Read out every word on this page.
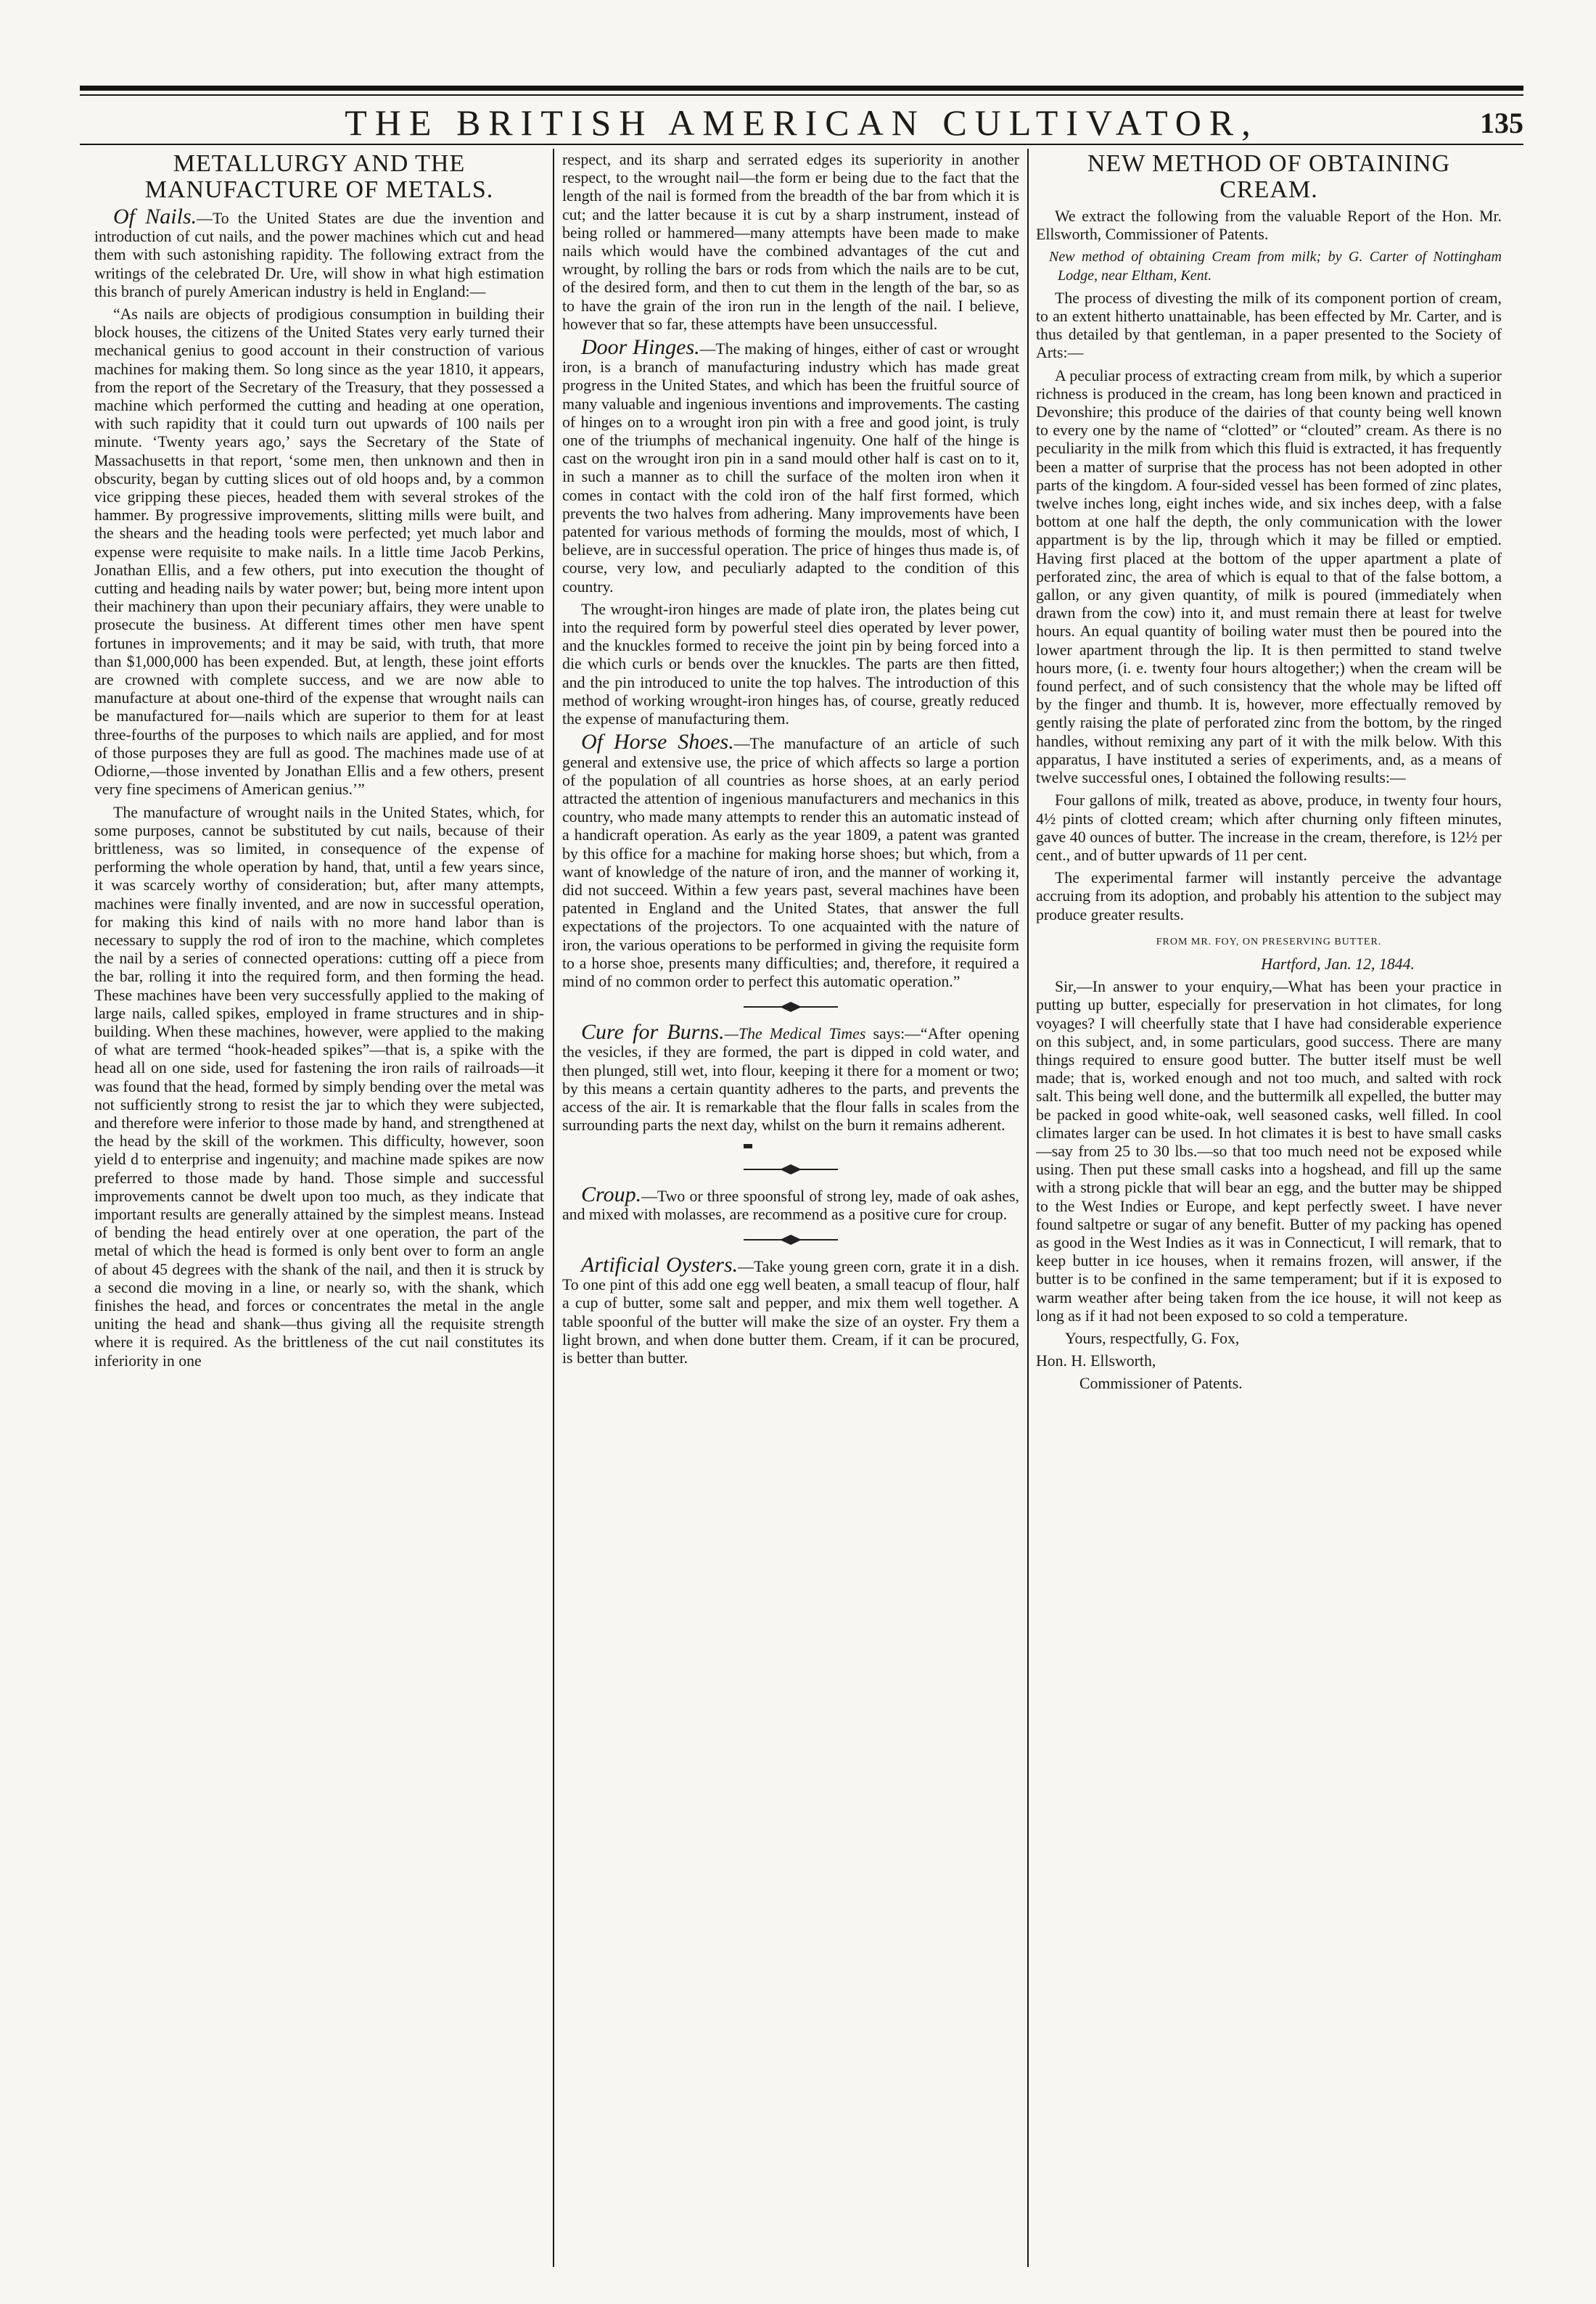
THE BRITISH AMERICAN CULTIVATOR,	135
METALLURGY AND THE MANUFACTURE OF METALS.

Of Nails.—To the United States are due the invention and introduction of cut nails, and the power machines which cut and head them with such astonishing rapidity. The following extract from the writings of the celebrated Dr. Ure, will show in what high estimation this branch of purely American industry is held in England:—

“As nails are objects of prodigious consumption in building their block houses, the citizens of the United States very early turned their mechanical genius to good account in their construction of various machines for making them. So long since as the year 1810, it appears, from the report of the Secretary of the Treasury, that they possessed a machine which performed the cutting and heading at one operation, with such rapidity that it could turn out upwards of 100 nails per minute. ‘Twenty years ago,’ says the Secretary of the State of Massachusetts in that report, ‘some men, then unknown and then in obscurity, began by cutting slices out of old hoops and, by a common vice gripping these pieces, headed them with several strokes of the hammer. By progressive improvements, slitting mills were built, and the shears and the heading tools were perfected; yet much labor and expense were requisite to make nails. In a little time Jacob Perkins, Jonathan Ellis, and a few others, put into execution the thought of cutting and heading nails by water power; but, being more intent upon their machinery than upon their pecuniary affairs, they were unable to prosecute the business. At different times other men have spent fortunes in improvements; and it may be said, with truth, that more than $1,000,000 has been expended. But, at length, these joint efforts are crowned with complete success, and we are now able to manufacture at about one-third of the expense that wrought nails can be manufactured for—nails which are superior to them for at least three-fourths of the purposes to which nails are applied, and for most of those purposes they are full as good. The machines made use of at Odiorne,—those invented by Jonathan Ellis and a few others, present very fine specimens of American genius.’”

The manufacture of wrought nails in the United States, which, for some purposes, cannot be substituted by cut nails, because of their brittleness, was so limited, in consequence of the expense of performing the whole operation by hand, that, until a few years since, it was scarcely worthy of consideration; but, after many attempts, machines were finally invented, and are now in successful operation, for making this kind of nails with no more hand labor than is necessary to supply the rod of iron to the machine, which completes the nail by a series of connected operations: cutting off a piece from the bar, rolling it into the required form, and then forming the head. These machines have been very successfully applied to the making of large nails, called spikes, employed in frame structures and in ship-building. When these machines, however, were applied to the making of what are termed “hook-headed spikes”—that is, a spike with the head all on one side, used for fastening the iron rails of railroads—it was found that the head, formed by simply bending over the metal was not sufficiently strong to resist the jar to which they were subjected, and therefore were inferior to those made by hand, and strengthened at the head by the skill of the workmen. This difficulty, however, soon yield d to enterprise and ingenuity; and machine made spikes are now preferred to those made by hand. Those simple and successful improvements cannot be dwelt upon too much, as they indicate that important results are generally attained by the simplest means. Instead of bending the head entirely over at one operation, the part of the metal of which the head is formed is only bent over to form an angle of about 45 degrees with the shank of the nail, and then it is struck by a second die moving in a line, or nearly so, with the shank, which finishes the head, and forces or concentrates the metal in the angle uniting the head and shank—thus giving all the requisite strength where it is required. As the brittleness of the cut nail constitutes its inferiority in one

respect, and its sharp and serrated edges its superiority in another respect, to the wrought nail—the form er being due to the fact that the length of the nail is formed from the breadth of the bar from which it is cut; and the latter because it is cut by a sharp instrument, instead of being rolled or hammered—many attempts have been made to make nails which would have the combined advantages of the cut and wrought, by rolling the bars or rods from which the nails are to be cut, of the desired form, and then to cut them in the length of the bar, so as to have the grain of the iron run in the length of the nail. I believe, however that so far, these attempts have been unsuccessful.

Door Hinges.—The making of hinges, either of cast or wrought iron, is a branch of manufacturing industry which has made great progress in the United States, and which has been the fruitful source of many valuable and ingenious inventions and improvements. The casting of hinges on to a wrought iron pin with a free and good joint, is truly one of the triumphs of mechanical ingenuity. One half of the hinge is cast on the wrought iron pin in a sand mould other half is cast on to it, in such a manner as to chill the surface of the molten iron when it comes in contact with the cold iron of the half first formed, which prevents the two halves from adhering. Many improvements have been patented for various methods of forming the moulds, most of which, I believe, are in successful operation. The price of hinges thus made is, of course, very low, and peculiarly adapted to the condition of this country.

The wrought-iron hinges are made of plate iron, the plates being cut into the required form by powerful steel dies operated by lever power, and the knuckles formed to receive the joint pin by being forced into a die which curls or bends over the knuckles. The parts are then fitted, and the pin introduced to unite the top halves. The introduction of this method of working wrought-iron hinges has, of course, greatly reduced the expense of manufacturing them.

Of Horse Shoes.—The manufacture of an article of such general and extensive use, the price of which affects so large a portion of the population of all countries as horse shoes, at an early period attracted the attention of ingenious manufacturers and mechanics in this country, who made many attempts to render this an automatic instead of a handicraft operation. As early as the year 1809, a patent was granted by this office for a machine for making horse shoes; but which, from a want of knowledge of the nature of iron, and the manner of working it, did not succeed. Within a few years past, several machines have been patented in England and the United States, that answer the full expectations of the projectors. To one acquainted with the nature of iron, the various operations to be performed in giving the requisite form to a horse shoe, presents many difficulties; and, therefore, it required a mind of no common order to perfect this automatic operation.”

Cure for Burns.—The Medical Times says:—“After opening the vesicles, if they are formed, the part is dipped in cold water, and then plunged, still wet, into flour, keeping it there for a moment or two; by this means a certain quantity adheres to the parts, and prevents the access of the air. It is remarkable that the flour falls in scales from the surrounding parts the next day, whilst on the burn it remains adherent.

Croup.—Two or three spoonsful of strong ley, made of oak ashes, and mixed with molasses, are recommend as a positive cure for croup.

Artificial Oysters.—Take young green corn, grate it in a dish. To one pint of this add one egg well beaten, a small teacup of flour, half a cup of butter, some salt and pepper, and mix them well together. A table spoonful of the butter will make the size of an oyster. Fry them a light brown, and when done butter them. Cream, if it can be procured, is better than butter.

NEW METHOD OF OBTAINING CREAM.

We extract the following from the valuable Report of the Hon. Mr. Ellsworth, Commissioner of Patents.

New method of obtaining Cream from milk; by G. Carter of Nottingham Lodge, near Eltham, Kent.

The process of divesting the milk of its component portion of cream, to an extent hitherto unattainable, has been effected by Mr. Carter, and is thus detailed by that gentleman, in a paper presented to the Society of Arts:—

A peculiar process of extracting cream from milk, by which a superior richness is produced in the cream, has long been known and practiced in Devonshire; this produce of the dairies of that county being well known to every one by the name of “clotted” or “clouted” cream. As there is no peculiarity in the milk from which this fluid is extracted, it has frequently been a matter of surprise that the process has not been adopted in other parts of the kingdom. A four-sided vessel has been formed of zinc plates, twelve inches long, eight inches wide, and six inches deep, with a false bottom at one half the depth, the only communication with the lower appartment is by the lip, through which it may be filled or emptied. Having first placed at the bottom of the upper apartment a plate of perforated zinc, the area of which is equal to that of the false bottom, a gallon, or any given quantity, of milk is poured (immediately when drawn from the cow) into it, and must remain there at least for twelve hours. An equal quantity of boiling water must then be poured into the lower apartment through the lip. It is then permitted to stand twelve hours more, (i. e. twenty four hours altogether;) when the cream will be found perfect, and of such consistency that the whole may be lifted off by the finger and thumb. It is, however, more effectually removed by gently raising the plate of perforated zinc from the bottom, by the ringed handles, without remixing any part of it with the milk below. With this apparatus, I have instituted a series of experiments, and, as a means of twelve successful ones, I obtained the following results:—

Four gallons of milk, treated as above, produce, in twenty four hours, 4½ pints of clotted cream; which after churning only fifteen minutes, gave 40 ounces of butter. The increase in the cream, therefore, is 12½ per cent., and of butter upwards of 11 per cent.

The experimental farmer will instantly perceive the advantage accruing from its adoption, and probably his attention to the subject may produce greater results.

FROM MR. FOY, ON PRESERVING BUTTER.

Hartford, Jan. 12, 1844.

Sir,—In answer to your enquiry,—What has been your practice in putting up butter, especially for preservation in hot climates, for long voyages? I will cheerfully state that I have had considerable experience on this subject, and, in some particulars, good success. There are many things required to ensure good butter. The butter itself must be well made; that is, worked enough and not too much, and salted with rock salt. This being well done, and the buttermilk all expelled, the butter may be packed in good white-oak, well seasoned casks, well filled. In cool climates larger can be used. In hot climates it is best to have small casks—say from 25 to 30 lbs.—so that too much need not be exposed while using. Then put these small casks into a hogshead, and fill up the same with a strong pickle that will bear an egg, and the butter may be shipped to the West Indies or Europe, and kept perfectly sweet. I have never found saltpetre or sugar of any benefit. Butter of my packing has opened as good in the West Indies as it was in Connecticut, I will remark, that to keep butter in ice houses, when it remains frozen, will answer, if the butter is to be confined in the same temperament; but if it is exposed to warm weather after being taken from the ice house, it will not keep as long as if it had not been exposed to so cold a temperature.

Yours, respectfully, G. Fox,

Hon. H. Ellsworth,

Commissioner of Patents.
